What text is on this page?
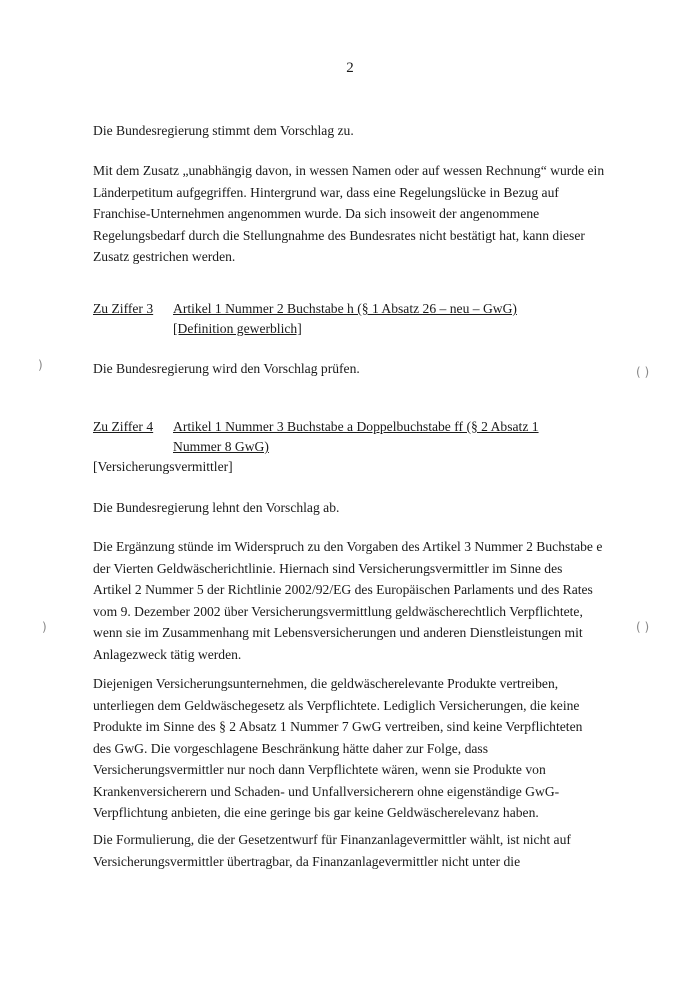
2
Die Bundesregierung stimmt dem Vorschlag zu.
Mit dem Zusatz „unabhängig davon, in wessen Namen oder auf wessen Rechnung“ wurde ein
Länderpetitum aufgegriffen. Hintergrund war, dass eine Regelungslücke in Bezug auf
Franchise-Unternehmen angenommen wurde. Da sich insoweit der angenommene
Regelungsbedarf durch die Stellungnahme des Bundesrates nicht bestätigt hat, kann dieser
Zusatz gestrichen werden.
Zu Ziffer 3 Artikel 1 Nummer 2 Buchstabe h (§ 1 Absatz 26 – neu – GwG)
[Definition gewerblich]
Die Bundesregierung wird den Vorschlag prüfen.
Zu Ziffer 4 Artikel 1 Nummer 3 Buchstabe a Doppelbuchstabe ff (§ 2 Absatz 1
Nummer 8 GwG)
[Versicherungsvermittler]
Die Bundesregierung lehnt den Vorschlag ab.
Die Ergänzung stünde im Widerspruch zu den Vorgaben des Artikel 3 Nummer 2 Buchstabe e
der Vierten Geldwäscherichtlinie. Hiernach sind Versicherungsvermittler im Sinne des
Artikel 2 Nummer 5 der Richtlinie 2002/92/EG des Europäischen Parlaments und des Rates
vom 9. Dezember 2002 über Versicherungsvermittlung geldwäscherechtlich Verpflichtete,
wenn sie im Zusammenhang mit Lebensversicherungen und anderen Dienstleistungen mit
Anlagezweck tätig werden.
Diejenigen Versicherungsunternehmen, die geldwäscherelevante Produkte vertreiben,
unterliegen dem Geldwäschegesetz als Verpflichtete. Lediglich Versicherungen, die keine
Produkte im Sinne des § 2 Absatz 1 Nummer 7 GwG vertreiben, sind keine Verpflichteten
des GwG. Die vorgeschlagene Beschränkung hätte daher zur Folge, dass
Versicherungsvermittler nur noch dann Verpflichtete wären, wenn sie Produkte von
Krankenversicherern und Schaden- und Unfallversicherern ohne eigenständige GwG-
Verpflichtung anbieten, die eine geringe bis gar keine Geldwäscherelevanz haben.
Die Formulierung, die der Gesetzentwurf für Finanzanlagevermittler wählt, ist nicht auf
Versicherungsvermittler übertragbar, da Finanzanlagevermittler nicht unter die
)
)
( )
( )
